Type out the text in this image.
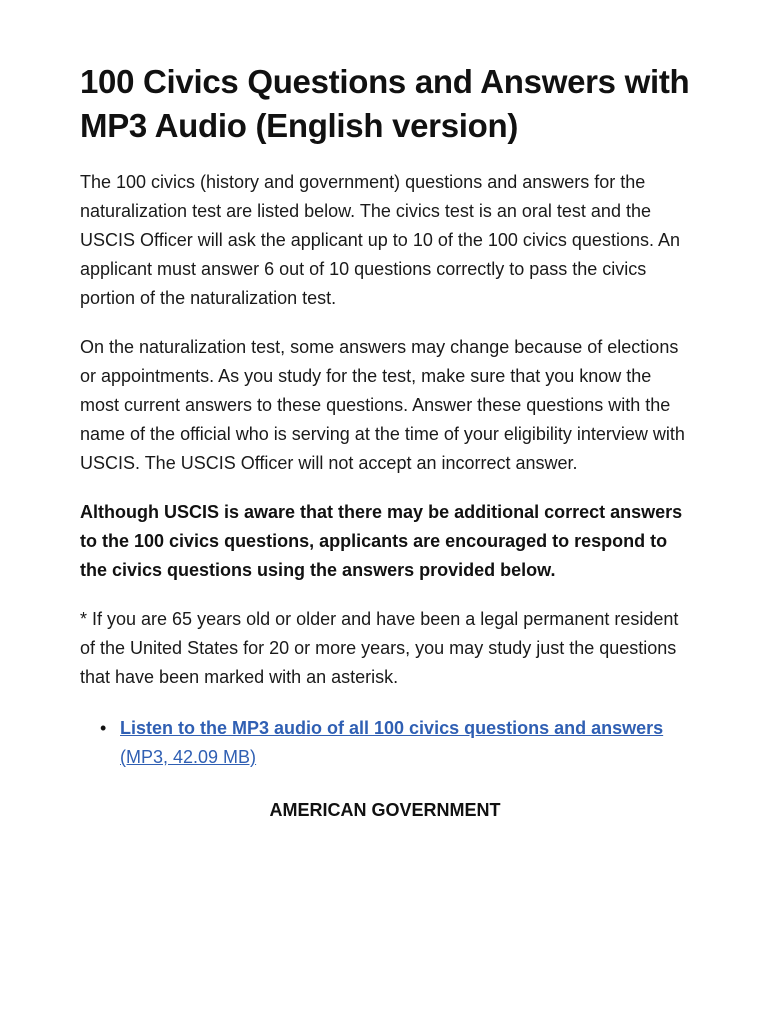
100 Civics Questions and Answers with MP3 Audio (English version)

The 100 civics (history and government) questions and answers for the naturalization test are listed below. The civics test is an oral test and the USCIS Officer will ask the applicant up to 10 of the 100 civics questions. An applicant must answer 6 out of 10 questions correctly to pass the civics portion of the naturalization test.

On the naturalization test, some answers may change because of elections or appointments. As you study for the test, make sure that you know the most current answers to these questions. Answer these questions with the name of the official who is serving at the time of your eligibility interview with USCIS. The USCIS Officer will not accept an incorrect answer.

Although USCIS is aware that there may be additional correct answers to the 100 civics questions, applicants are encouraged to respond to the civics questions using the answers provided below.

* If you are 65 years old or older and have been a legal permanent resident of the United States for 20 or more years, you may study just the questions that have been marked with an asterisk.

• Listen to the MP3 audio of all 100 civics questions and answers (MP3, 42.09 MB)
AMERICAN GOVERNMENT
